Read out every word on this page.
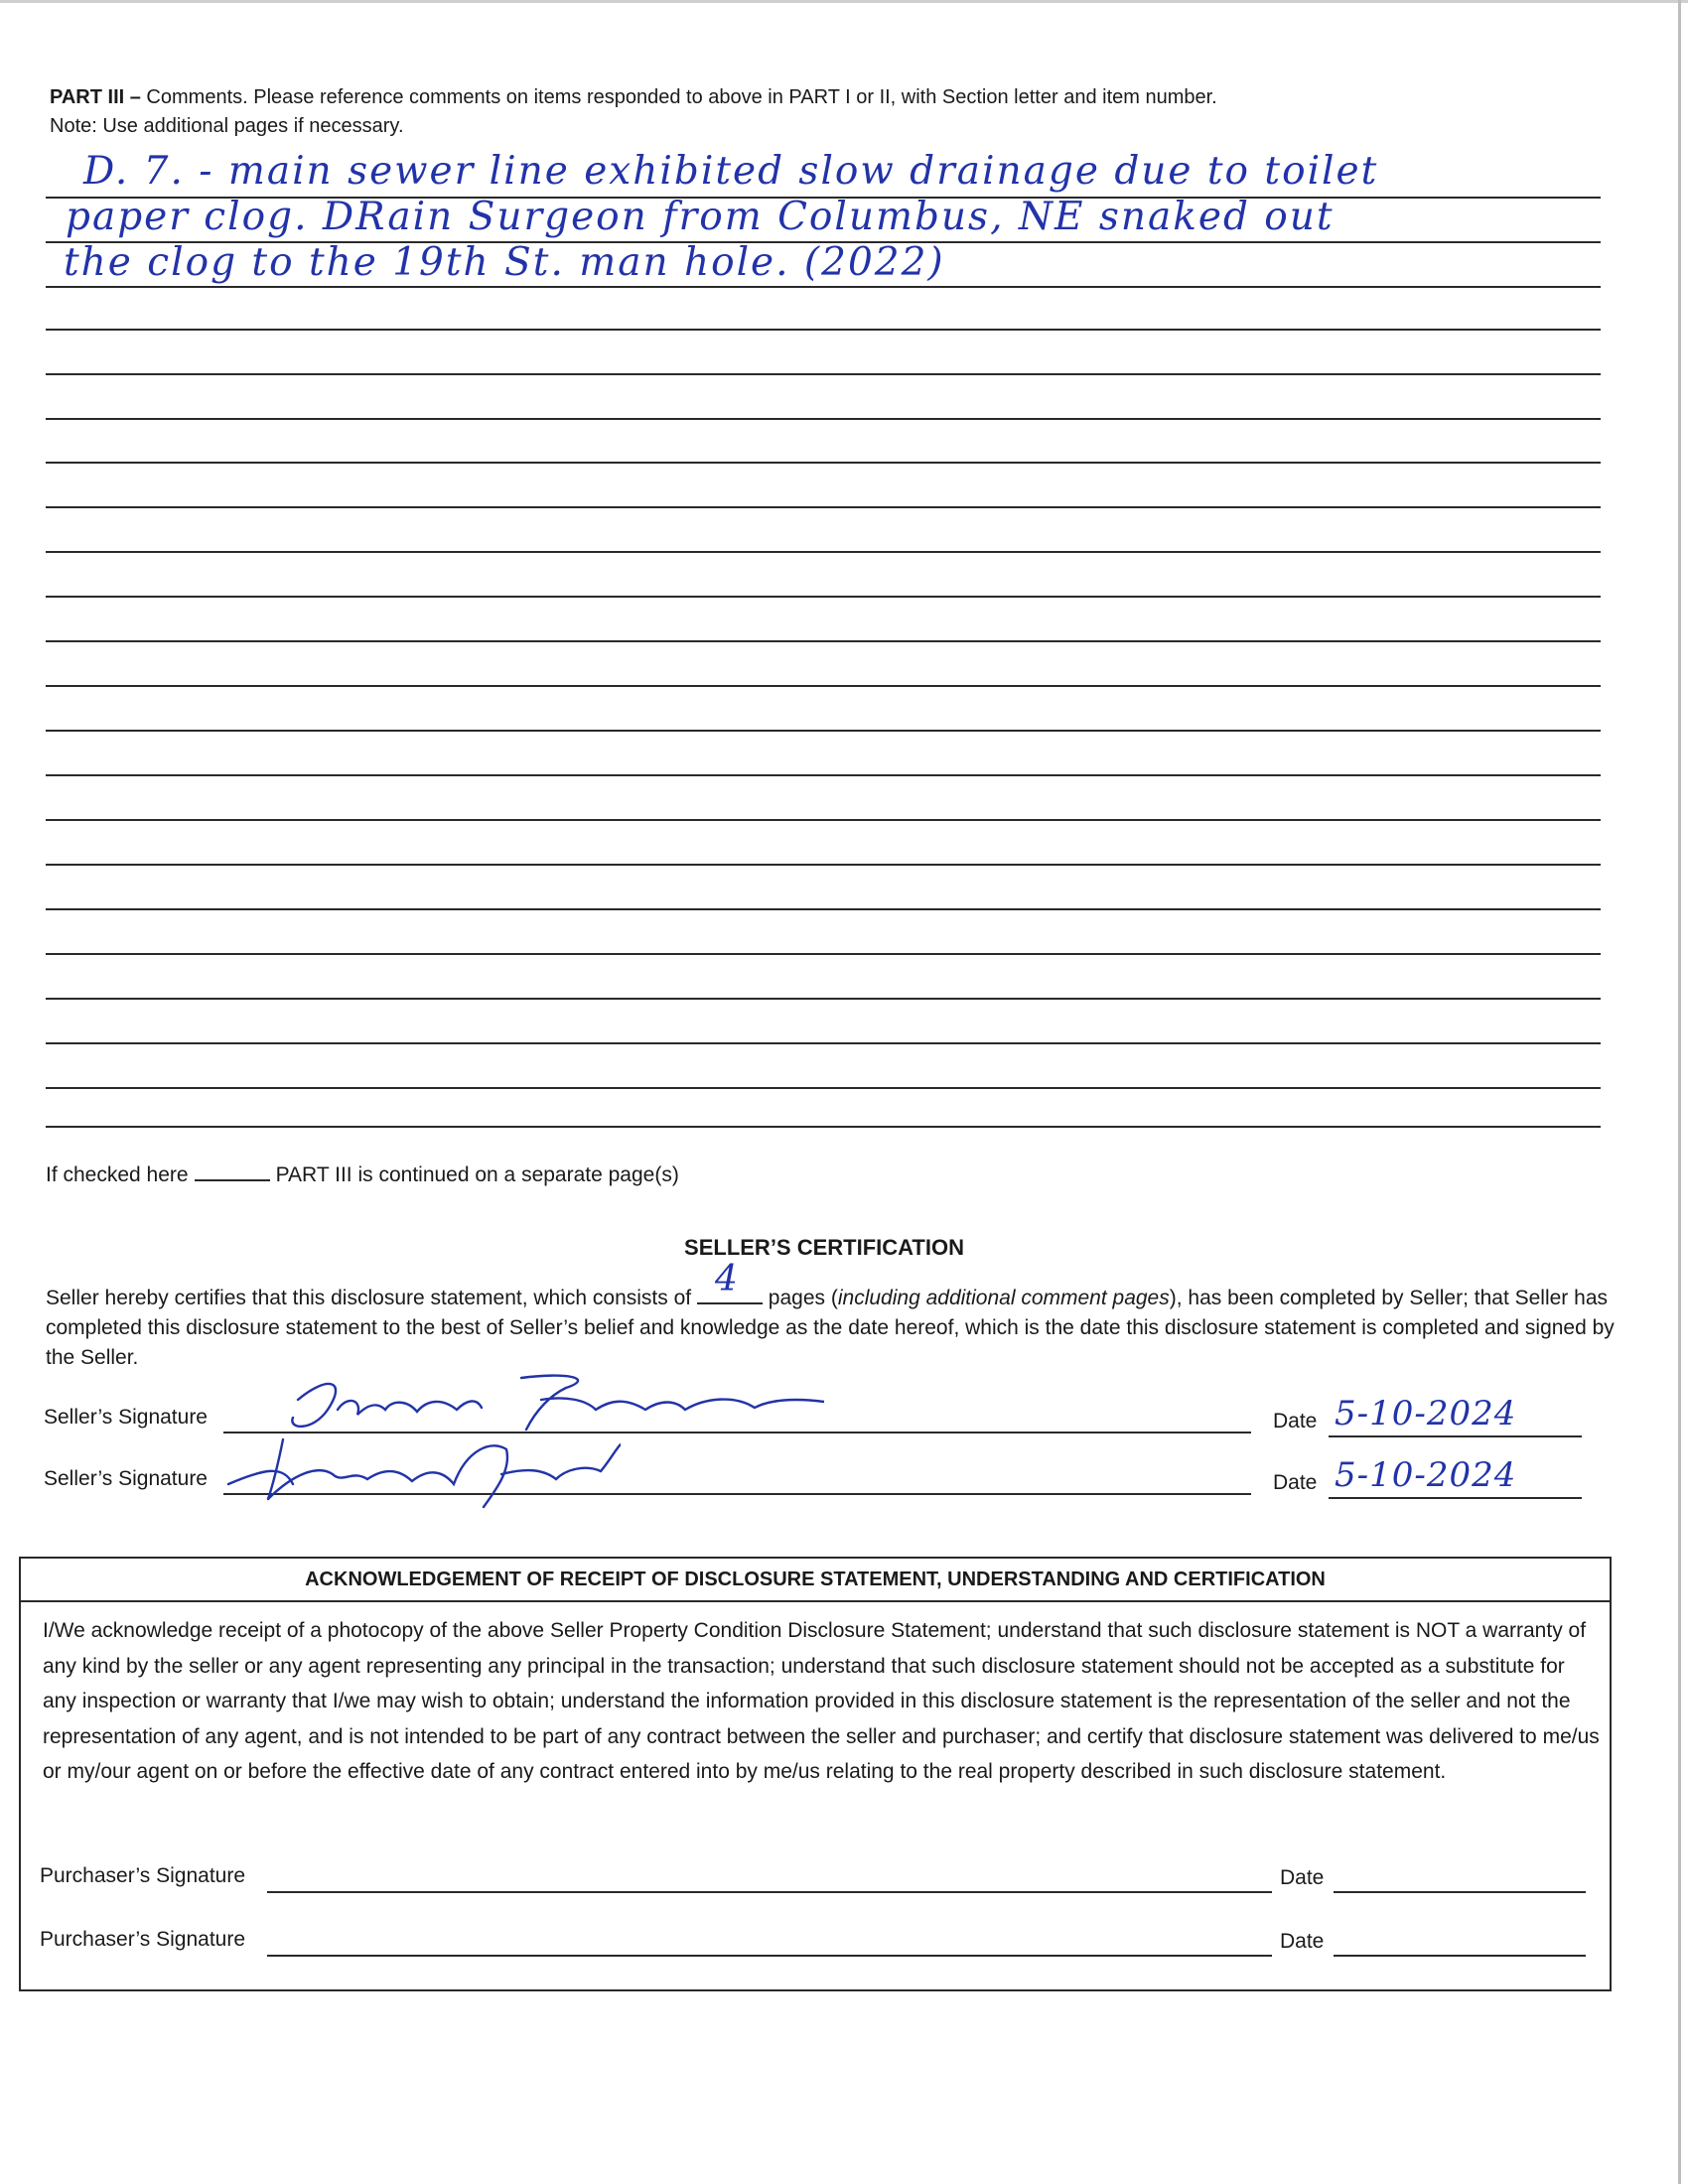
PART III – Comments. Please reference comments on items responded to above in PART I or II, with Section letter and item number.
Note: Use additional pages if necessary.
D. 7. - main sewer line exhibited slow drainage due to toilet
paper clog. DRain Surgeon from Columbus, NE snaked out
the clog to the 19th St. man hole. (2022)
If checked here	PART III is continued on a separate page(s)
SELLER’S CERTIFICATION
Seller hereby certifies that this disclosure statement, which consists of 4 pages (including additional comment pages), has been completed by Seller; that Seller has completed this disclosure statement to the best of Seller’s belief and knowledge as the date hereof, which is the date this disclosure statement is completed and signed by the Seller.
Seller’s Signature	Date 5-10-2024
Seller’s Signature	Date 5-10-2024
ACKNOWLEDGEMENT OF RECEIPT OF DISCLOSURE STATEMENT, UNDERSTANDING AND CERTIFICATION
I/We acknowledge receipt of a photocopy of the above Seller Property Condition Disclosure Statement; understand that such disclosure statement is NOT a warranty of any kind by the seller or any agent representing any principal in the transaction; understand that such disclosure statement should not be accepted as a substitute for any inspection or warranty that I/we may wish to obtain; understand the information provided in this disclosure statement is the representation of the seller and not the representation of any agent, and is not intended to be part of any contract between the seller and purchaser; and certify that disclosure statement was delivered to me/us or my/our agent on or before the effective date of any contract entered into by me/us relating to the real property described in such disclosure statement.
Purchaser’s Signature	Date
Purchaser’s Signature	Date
